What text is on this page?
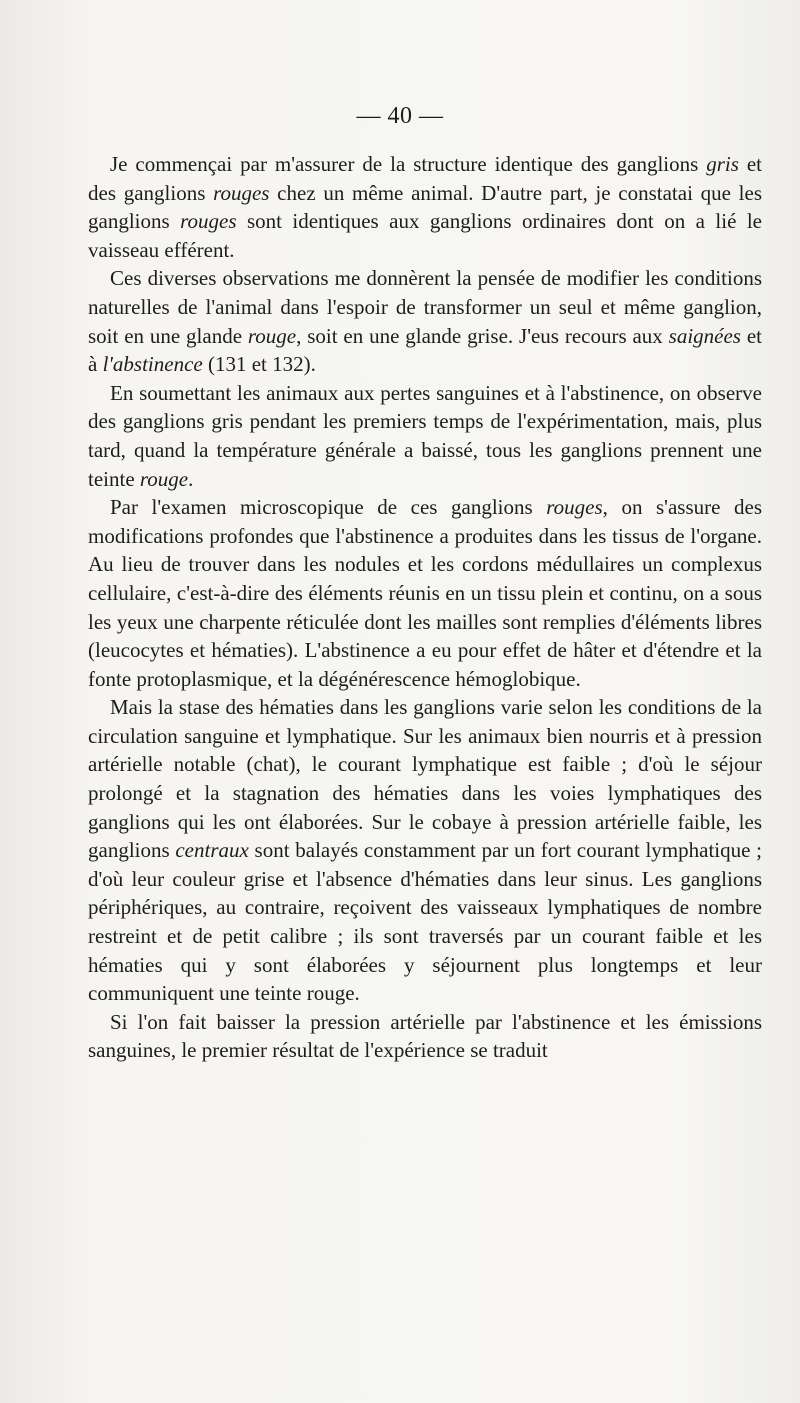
— 40 —

Je commençai par m'assurer de la structure identique des ganglions gris et des ganglions rouges chez un même animal. D'autre part, je constatai que les ganglions rouges sont identiques aux ganglions ordinaires dont on a lié le vaisseau efférent.

Ces diverses observations me donnèrent la pensée de modifier les conditions naturelles de l'animal dans l'espoir de transformer un seul et même ganglion, soit en une glande rouge, soit en une glande grise. J'eus recours aux saignées et à l'abstinence (131 et 132).

En soumettant les animaux aux pertes sanguines et à l'abstinence, on observe des ganglions gris pendant les premiers temps de l'expérimentation, mais, plus tard, quand la température générale a baissé, tous les ganglions prennent une teinte rouge.

Par l'examen microscopique de ces ganglions rouges, on s'assure des modifications profondes que l'abstinence a produites dans les tissus de l'organe. Au lieu de trouver dans les nodules et les cordons médullaires un complexus cellulaire, c'est-à-dire des éléments réunis en un tissu plein et continu, on a sous les yeux une charpente réticulée dont les mailles sont remplies d'éléments libres (leucocytes et hématies). L'abstinence a eu pour effet de hâter et d'étendre et la fonte protoplasmique, et la dégénérescence hémoglobique.

Mais la stase des hématies dans les ganglions varie selon les conditions de la circulation sanguine et lymphatique. Sur les animaux bien nourris et à pression artérielle notable (chat), le courant lymphatique est faible ; d'où le séjour prolongé et la stagnation des hématies dans les voies lymphatiques des ganglions qui les ont élaborées. Sur le cobaye à pression artérielle faible, les ganglions centraux sont balayés constamment par un fort courant lymphatique ; d'où leur couleur grise et l'absence d'hématies dans leur sinus. Les ganglions périphériques, au contraire, reçoivent des vaisseaux lymphatiques de nombre restreint et de petit calibre ; ils sont traversés par un courant faible et les hématies qui y sont élaborées y séjournent plus longtemps et leur communiquent une teinte rouge.

Si l'on fait baisser la pression artérielle par l'abstinence et les émissions sanguines, le premier résultat de l'expérience se traduit
